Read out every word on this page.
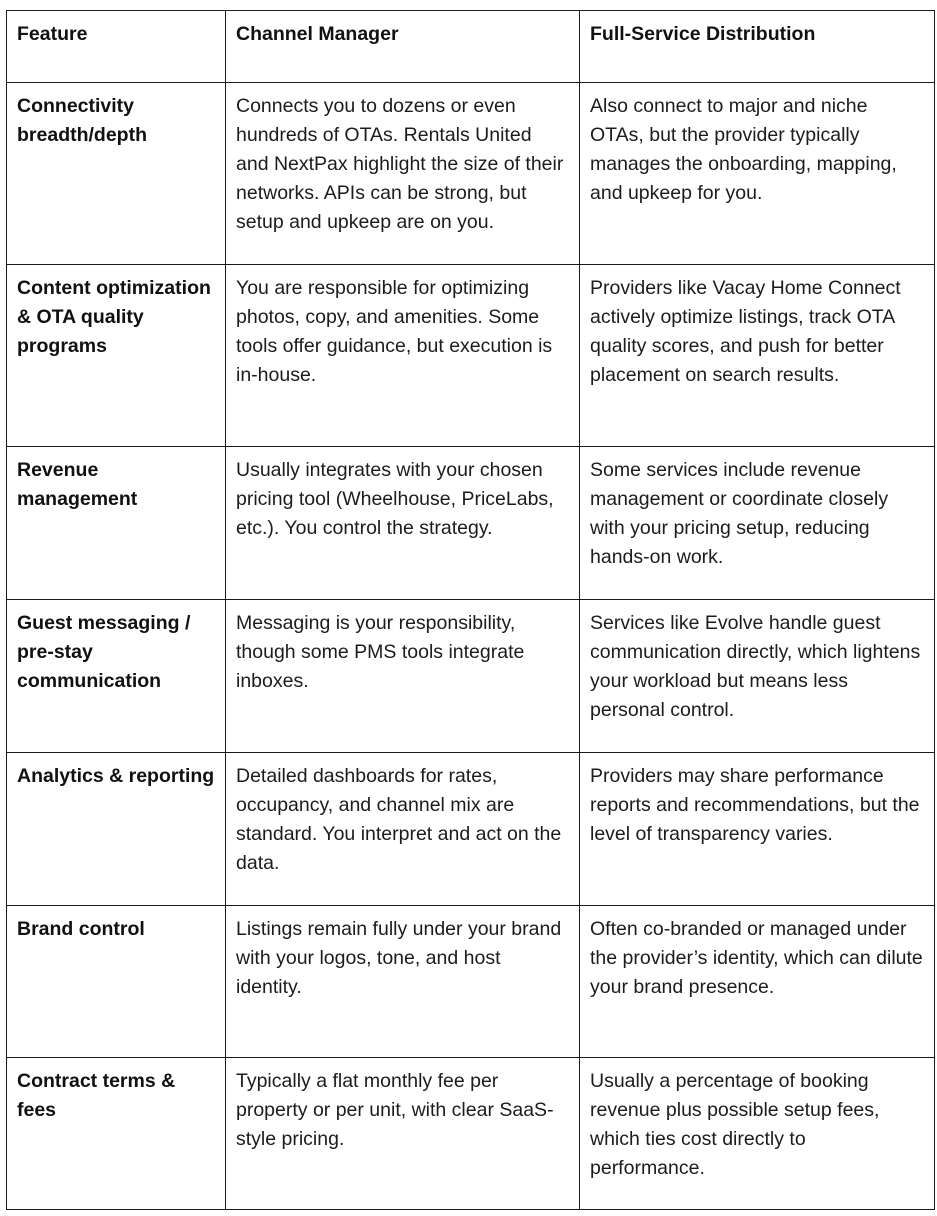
Feature	Channel Manager	Full-Service Distribution
Connectivity breadth/depth	Connects you to dozens or even hundreds of OTAs. Rentals United and NextPax highlight the size of their networks. APIs can be strong, but setup and upkeep are on you.	Also connect to major and niche OTAs, but the provider typically manages the onboarding, mapping, and upkeep for you.
Content optimization & OTA quality programs	You are responsible for optimizing photos, copy, and amenities. Some tools offer guidance, but execution is in-house.	Providers like Vacay Home Connect actively optimize listings, track OTA quality scores, and push for better placement on search results.
Revenue management	Usually integrates with your chosen pricing tool (Wheelhouse, PriceLabs, etc.). You control the strategy.	Some services include revenue management or coordinate closely with your pricing setup, reducing hands-on work.
Guest messaging / pre-stay communication	Messaging is your responsibility, though some PMS tools integrate inboxes.	Services like Evolve handle guest communication directly, which lightens your workload but means less personal control.
Analytics & reporting	Detailed dashboards for rates, occupancy, and channel mix are standard. You interpret and act on the data.	Providers may share performance reports and recommendations, but the level of transparency varies.
Brand control	Listings remain fully under your brand with your logos, tone, and host identity.	Often co-branded or managed under the provider’s identity, which can dilute your brand presence.
Contract terms & fees	Typically a flat monthly fee per property or per unit, with clear SaaS-style pricing.	Usually a percentage of booking revenue plus possible setup fees, which ties cost directly to performance.
